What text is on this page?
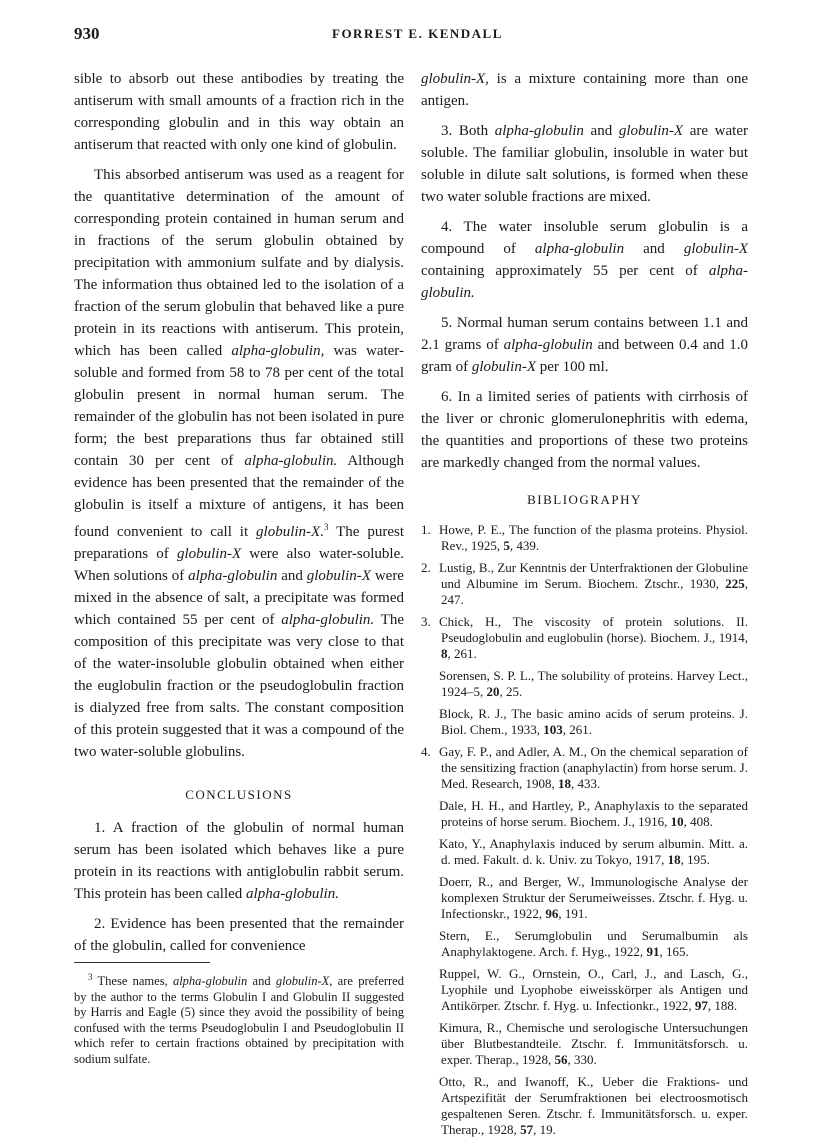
930	FORREST E. KENDALL

sible to absorb out these antibodies by treating the antiserum with small amounts of a fraction rich in the corresponding globulin and in this way obtain an antiserum that reacted with only one kind of globulin.

This absorbed antiserum was used as a reagent for the quantitative determination of the amount of corresponding protein contained in human serum and in fractions of the serum globulin obtained by precipitation with ammonium sulfate and by dialysis. The information thus obtained led to the isolation of a fraction of the serum globulin that behaved like a pure protein in its reactions with antiserum. This protein, which has been called alpha-globulin, was water-soluble and formed from 58 to 78 per cent of the total globulin present in normal human serum. The remainder of the globulin has not been isolated in pure form; the best preparations thus far obtained still contain 30 per cent of alpha-globulin. Although evidence has been presented that the remainder of the globulin is itself a mixture of antigens, it has been found convenient to call it globulin-X.$^3$ The purest preparations of globulin-X were also water-soluble. When solutions of alpha-globulin and globulin-X were mixed in the absence of salt, a precipitate was formed which contained 55 per cent of alpha-globulin. The composition of this precipitate was very close to that of the water-insoluble globulin obtained when either the euglobulin fraction or the pseudoglobulin fraction is dialyzed free from salts. The constant composition of this protein suggested that it was a compound of the two water-soluble globulins.

CONCLUSIONS

1. A fraction of the globulin of normal human serum has been isolated which behaves like a pure protein in its reactions with antiglobulin rabbit serum. This protein has been called alpha-globulin.

2. Evidence has been presented that the remainder of the globulin, called for convenience

globulin-X, is a mixture containing more than one antigen.

3. Both alpha-globulin and globulin-X are water soluble. The familiar globulin, insoluble in water but soluble in dilute salt solutions, is formed when these two water soluble fractions are mixed.

4. The water insoluble serum globulin is a compound of alpha-globulin and globulin-X containing approximately 55 per cent of alpha-globulin.

5. Normal human serum contains between 1.1 and 2.1 grams of alpha-globulin and between 0.4 and 1.0 gram of globulin-X per 100 ml.

6. In a limited series of patients with cirrhosis of the liver or chronic glomerulonephritis with edema, the quantities and proportions of these two proteins are markedly changed from the normal values.

BIBLIOGRAPHY
1. Howe, P. E., The function of the plasma proteins. Physiol. Rev., 1925, 5, 439.
2. Lustig, B., Zur Kenntnis der Unterfraktionen der Globuline und Albumine im Serum. Biochem. Ztschr., 1930, 225, 247.
3. Chick, H., The viscosity of protein solutions. II. Pseudoglobulin and euglobulin (horse). Biochem. J., 1914, 8, 261.
Sorensen, S. P. L., The solubility of proteins. Harvey Lect., 1924–5, 20, 25.
Block, R. J., The basic amino acids of serum proteins. J. Biol. Chem., 1933, 103, 261.
4. Gay, F. P., and Adler, A. M., On the chemical separation of the sensitizing fraction (anaphylactin) from horse serum. J. Med. Research, 1908, 18, 433.
Dale, H. H., and Hartley, P., Anaphylaxis to the separated proteins of horse serum. Biochem. J., 1916, 10, 408.
Kato, Y., Anaphylaxis induced by serum albumin. Mitt. a. d. med. Fakult. d. k. Univ. zu Tokyo, 1917, 18, 195.
Doerr, R., and Berger, W., Immunologische Analyse der komplexen Struktur der Serumeiweisses. Ztschr. f. Hyg. u. Infectionskr., 1922, 96, 191.
Stern, E., Serumglobulin und Serumalbumin als Anaphylaktogene. Arch. f. Hyg., 1922, 91, 165.
Ruppel, W. G., Ornstein, O., Carl, J., and Lasch, G., Lyophile und Lyophobe eiweisskörper als Antigen und Antikörper. Ztschr. f. Hyg. u. Infectionkr., 1922, 97, 188.
Kimura, R., Chemische und serologische Untersuchungen über Blutbestandteile. Ztschr. f. Immunitätsforsch. u. exper. Therap., 1928, 56, 330.
Otto, R., and Iwanoff, K., Ueber die Fraktions- und Artspezifität der Serumfraktionen bei electroosmotisch gespaltenen Seren. Ztschr. f. Immunitätsforsch. u. exper. Therap., 1928, 57, 19.
$^3$ These names, alpha-globulin and globulin-X, are preferred by the author to the terms Globulin I and Globulin II suggested by Harris and Eagle (5) since they avoid the possibility of being confused with the terms Pseudoglobulin I and Pseudoglobulin II which refer to certain fractions obtained by precipitation with sodium sulfate.
